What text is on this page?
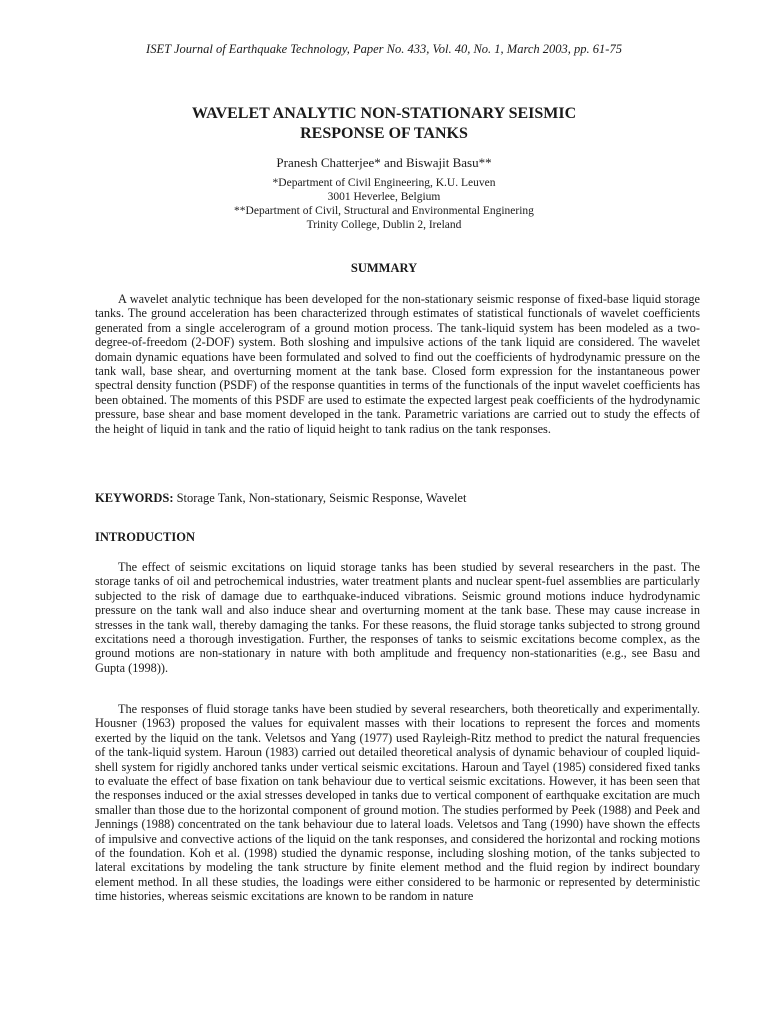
ISET Journal of Earthquake Technology, Paper No. 433, Vol. 40, No. 1, March 2003, pp. 61-75
WAVELET ANALYTIC NON-STATIONARY SEISMIC
RESPONSE OF TANKS
Pranesh Chatterjee* and Biswajit Basu**
*Department of Civil Engineering, K.U. Leuven
3001 Heverlee, Belgium
**Department of Civil, Structural and Environmental Enginering
Trinity College, Dublin 2, Ireland
SUMMARY

A wavelet analytic technique has been developed for the non-stationary seismic response of fixed-base liquid storage tanks. The ground acceleration has been characterized through estimates of statistical functionals of wavelet coefficients generated from a single accelerogram of a ground motion process. The tank-liquid system has been modeled as a two-degree-of-freedom (2-DOF) system. Both sloshing and impulsive actions of the tank liquid are considered. The wavelet domain dynamic equations have been formulated and solved to find out the coefficients of hydrodynamic pressure on the tank wall, base shear, and overturning moment at the tank base. Closed form expression for the instantaneous power spectral density function (PSDF) of the response quantities in terms of the functionals of the input wavelet coefficients has been obtained. The moments of this PSDF are used to estimate the expected largest peak coefficients of the hydrodynamic pressure, base shear and base moment developed in the tank. Parametric variations are carried out to study the effects of the height of liquid in tank and the ratio of liquid height to tank radius on the tank responses.

KEYWORDS: Storage Tank, Non-stationary, Seismic Response, Wavelet
INTRODUCTION

The effect of seismic excitations on liquid storage tanks has been studied by several researchers in the past. The storage tanks of oil and petrochemical industries, water treatment plants and nuclear spent-fuel assemblies are particularly subjected to the risk of damage due to earthquake-induced vibrations. Seismic ground motions induce hydrodynamic pressure on the tank wall and also induce shear and overturning moment at the tank base. These may cause increase in stresses in the tank wall, thereby damaging the tanks. For these reasons, the fluid storage tanks subjected to strong ground excitations need a thorough investigation. Further, the responses of tanks to seismic excitations become complex, as the ground motions are non-stationary in nature with both amplitude and frequency non-stationarities (e.g., see Basu and Gupta (1998)).

The responses of fluid storage tanks have been studied by several researchers, both theoretically and experimentally. Housner (1963) proposed the values for equivalent masses with their locations to represent the forces and moments exerted by the liquid on the tank. Veletsos and Yang (1977) used Rayleigh-Ritz method to predict the natural frequencies of the tank-liquid system. Haroun (1983) carried out detailed theoretical analysis of dynamic behaviour of coupled liquid-shell system for rigidly anchored tanks under vertical seismic excitations. Haroun and Tayel (1985) considered fixed tanks to evaluate the effect of base fixation on tank behaviour due to vertical seismic excitations. However, it has been seen that the responses induced or the axial stresses developed in tanks due to vertical component of earthquake excitation are much smaller than those due to the horizontal component of ground motion. The studies performed by Peek (1988) and Peek and Jennings (1988) concentrated on the tank behaviour due to lateral loads. Veletsos and Tang (1990) have shown the effects of impulsive and convective actions of the liquid on the tank responses, and considered the horizontal and rocking motions of the foundation. Koh et al. (1998) studied the dynamic response, including sloshing motion, of the tanks subjected to lateral excitations by modeling the tank structure by finite element method and the fluid region by indirect boundary element method. In all these studies, the loadings were either considered to be harmonic or represented by deterministic time histories, whereas seismic excitations are known to be random in nature
